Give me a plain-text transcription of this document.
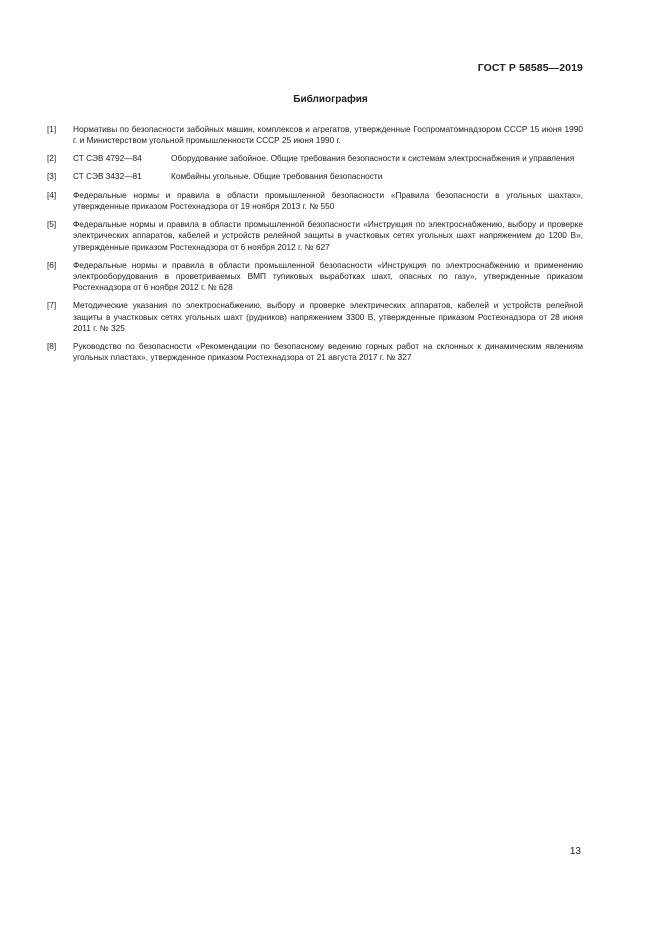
ГОСТ Р 58585—2019
Библиография
[1]	Нормативы по безопасности забойных машин, комплексов и агрегатов, утвержденные Госпроматомнадзором СССР 15 июня 1990 г. и Министерством угольной промышленности СССР 25 июня 1990 г.
[2]	СТ СЭВ 4792—84	Оборудование забойное. Общие требования безопасности к системам электроснабжения и управления
[3]	СТ СЭВ 3432—81	Комбайны угольные. Общие требования безопасности
[4]	Федеральные нормы и правила в области промышленной безопасности «Правила безопасности в угольных шахтах», утвержденные приказом Ростехнадзора от 19 ноября 2013 г. № 550
[5]	Федеральные нормы и правила в области промышленной безопасности «Инструкция по электроснабжению, выбору и проверке электрических аппаратов, кабелей и устройств релейной защиты в участковых сетях угольных шахт напряжением до 1200 В», утвержденные приказом Ростехнадзора от 6 ноября 2012 г. № 627
[6]	Федеральные нормы и правила в области промышленной безопасности «Инструкция по электроснабжению и применению электрооборудования в проветриваемых ВМП тупиковых выработках шахт, опасных по газу», утвержденные приказом Ростехнадзора от 6 ноября 2012 г. № 628
[7]	Методические указания по электроснабжению, выбору и проверке электрических аппаратов, кабелей и устройств релейной защиты в участковых сетях угольных шахт (рудников) напряжением 3300 В, утвержденные приказом Ростехнадзора от 28 июня 2011 г. № 325
[8]	Руководство по безопасности «Рекомендации по безопасному ведению горных работ на склонных к динамическим явлениям угольных пластах», утвержденное приказом Ростехнадзора от 21 августа 2017 г. № 327
13
